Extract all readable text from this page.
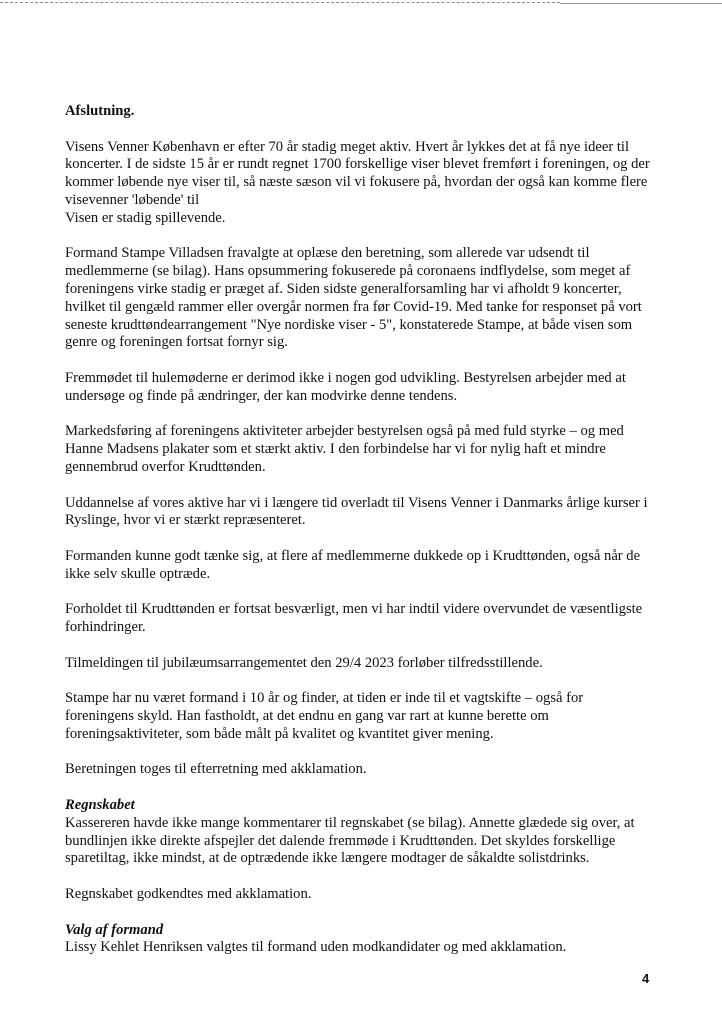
Afslutning.

Visens Venner København er efter 70 år stadig meget aktiv. Hvert år lykkes det at få nye ideer til
koncerter. I de sidste 15 år er rundt regnet 1700 forskellige viser blevet fremført i foreningen, og der
kommer løbende nye viser til, så næste sæson vil vi fokusere på, hvordan der også kan komme flere
visevenner 'løbende' til
Visen er stadig spillevende.

Formand Stampe Villadsen fravalgte at oplæse den beretning, som allerede var udsendt til
medlemmerne (se bilag). Hans opsummering fokuserede på coronaens indflydelse, som meget af
foreningens virke stadig er præget af. Siden sidste generalforsamling har vi afholdt 9 koncerter,
hvilket til gengæld rammer eller overgår normen fra før Covid-19. Med tanke for responset på vort
seneste krudttøndearrangement "Nye nordiske viser - 5", konstaterede Stampe, at både visen som
genre og foreningen fortsat fornyr sig.

Fremmødet til hulemøderne er derimod ikke i nogen god udvikling. Bestyrelsen arbejder med at
undersøge og finde på ændringer, der kan modvirke denne tendens.

Markedsføring af foreningens aktiviteter arbejder bestyrelsen også på med fuld styrke – og med
Hanne Madsens plakater som et stærkt aktiv. I den forbindelse har vi for nylig haft et mindre
gennembrud overfor Krudttønden.

Uddannelse af vores aktive har vi i længere tid overladt til Visens Venner i Danmarks årlige kurser i
Ryslinge, hvor vi er stærkt repræsenteret.

Formanden kunne godt tænke sig, at flere af medlemmerne dukkede op i Krudttønden, også når de
ikke selv skulle optræde.

Forholdet til Krudttønden er fortsat besværligt, men vi har indtil videre overvundet de væsentligste
forhindringer.

Tilmeldingen til jubilæumsarrangementet den 29/4 2023 forløber tilfredsstillende.

Stampe har nu været formand i 10 år og finder, at tiden er inde til et vagtskifte – også for
foreningens skyld. Han fastholdt, at det endnu en gang var rart at kunne berette om
foreningsaktiviteter, som både målt på kvalitet og kvantitet giver mening.

Beretningen toges til efterretning med akklamation.

Regnskabet

Kassereren havde ikke mange kommentarer til regnskabet (se bilag). Annette glædede sig over, at
bundlinjen ikke direkte afspejler det dalende fremmøde i Krudttønden. Det skyldes forskellige
sparetiltag, ikke mindst, at de optrædende ikke længere modtager de såkaldte solistdrinks.

Regnskabet godkendtes med akklamation.

Valg af formand

Lissy Kehlet Henriksen valgtes til formand uden modkandidater og med akklamation.

4
